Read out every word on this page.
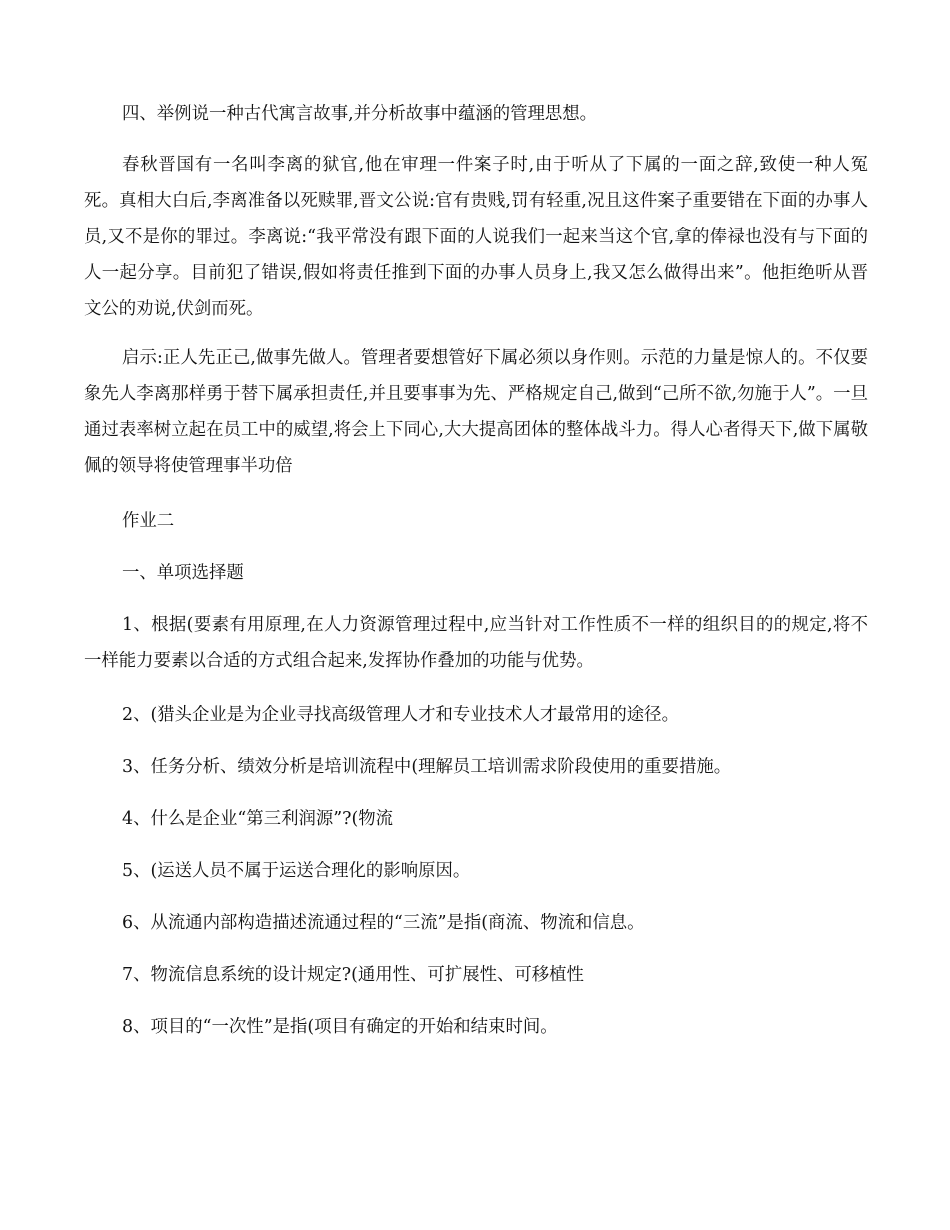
四、举例说一种古代寓言故事,并分析故事中蕴涵的管理思想。

春秋晋国有一名叫李离的狱官,他在审理一件案子时,由于听从了下属的一面之辞,致使一种人冤死。真相大白后,李离准备以死赎罪,晋文公说:官有贵贱,罚有轻重,况且这件案子重要错在下面的办事人员,又不是你的罪过。李离说:“我平常没有跟下面的人说我们一起来当这个官,拿的俸禄也没有与下面的人一起分享。目前犯了错误,假如将责任推到下面的办事人员身上,我又怎么做得出来”。他拒绝听从晋文公的劝说,伏剑而死。

启示:正人先正己,做事先做人。管理者要想管好下属必须以身作则。示范的力量是惊人的。不仅要象先人李离那样勇于替下属承担责任,并且要事事为先、严格规定自己,做到“己所不欲,勿施于人”。一旦通过表率树立起在员工中的威望,将会上下同心,大大提高团体的整体战斗力。得人心者得天下,做下属敬佩的领导将使管理事半功倍

作业二

一、单项选择题

1、根据(要素有用原理,在人力资源管理过程中,应当针对工作性质不一样的组织目的的规定,将不一样能力要素以合适的方式组合起来,发挥协作叠加的功能与优势。

2、(猎头企业是为企业寻找高级管理人才和专业技术人才最常用的途径。

3、任务分析、绩效分析是培训流程中(理解员工培训需求阶段使用的重要措施。

4、什么是企业“第三利润源”?(物流

5、(运送人员不属于运送合理化的影响原因。

6、从流通内部构造描述流通过程的“三流”是指(商流、物流和信息。

7、物流信息系统的设计规定?(通用性、可扩展性、可移植性

8、项目的“一次性”是指(项目有确定的开始和结束时间。
